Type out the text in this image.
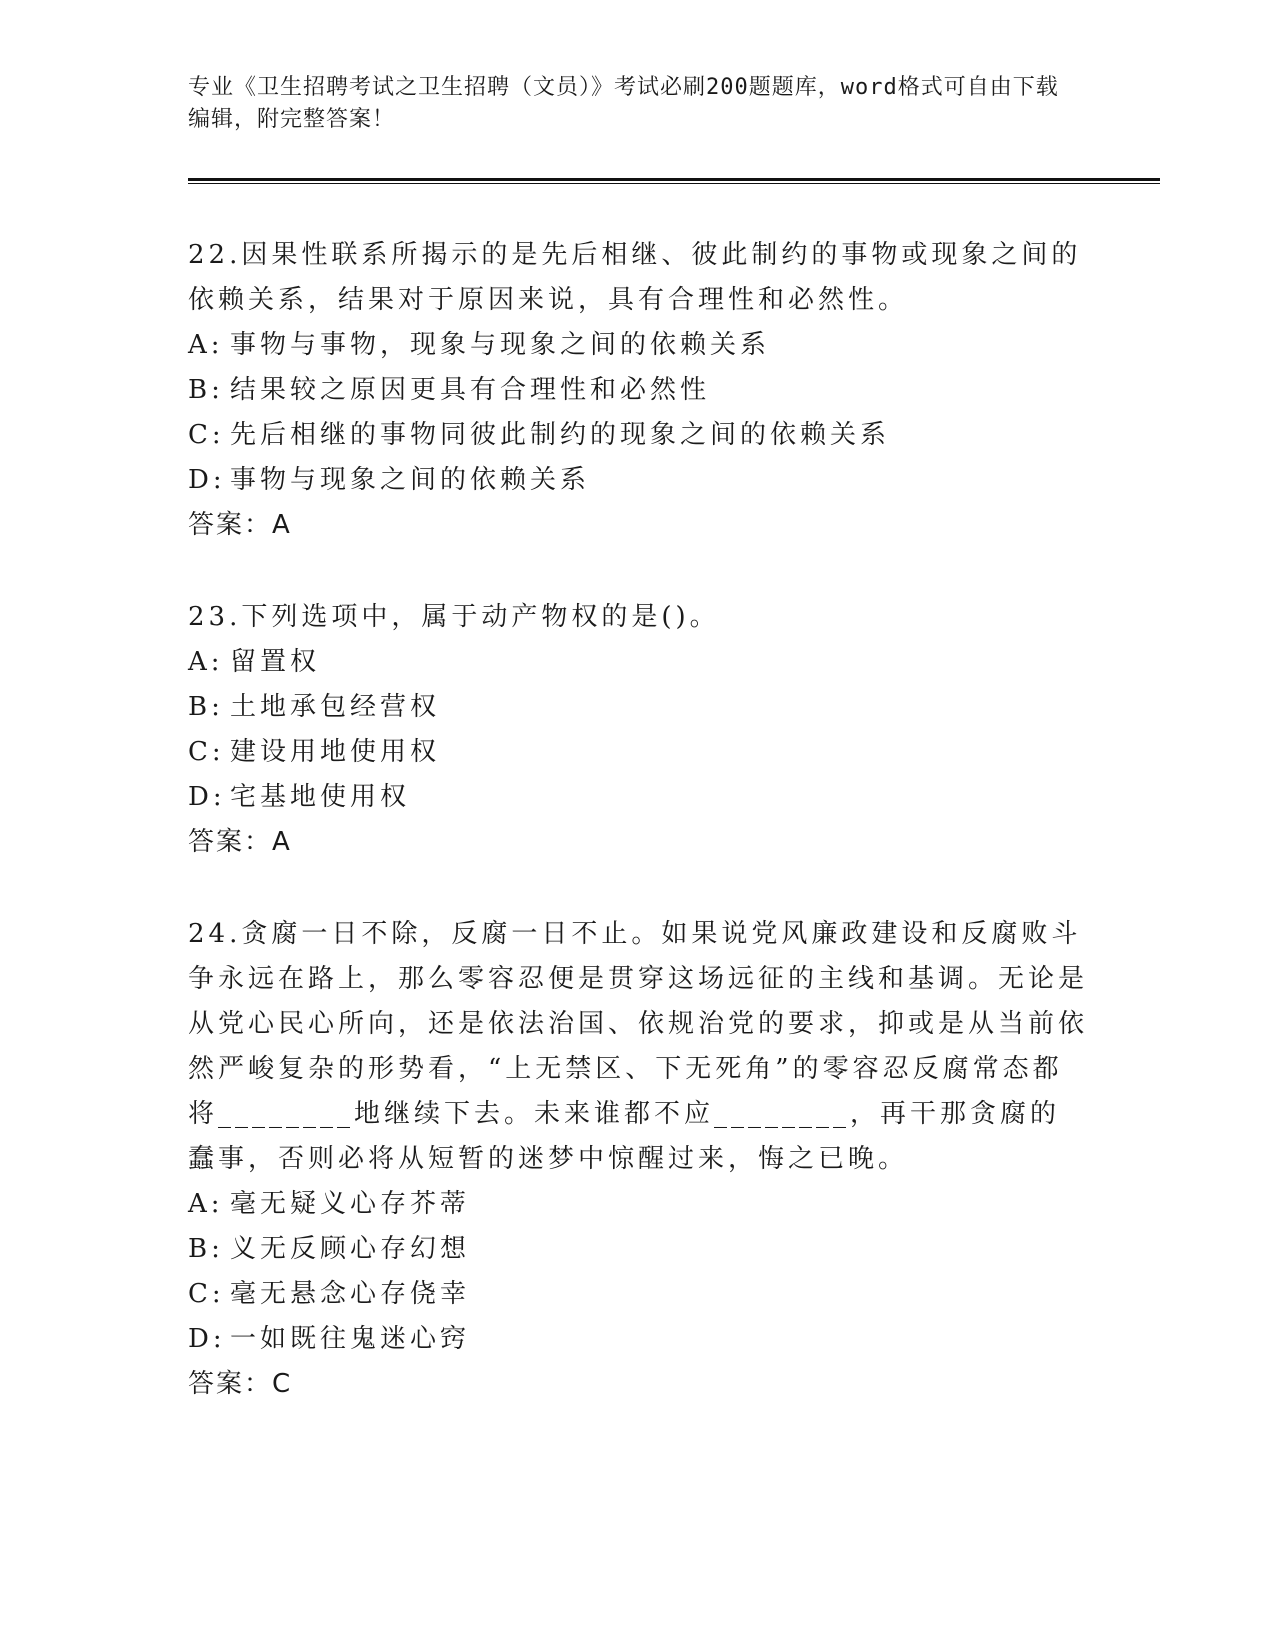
专业《卫生招聘考试之卫生招聘（文员）》考试必刷200题题库，word格式可自由下载编辑，附完整答案！
22.因果性联系所揭示的是先后相继、彼此制约的事物或现象之间的依赖关系，结果对于原因来说，具有合理性和必然性。
A: 事物与事物，现象与现象之间的依赖关系
B: 结果较之原因更具有合理性和必然性
C: 先后相继的事物同彼此制约的现象之间的依赖关系
D: 事物与现象之间的依赖关系
答案：A
23.下列选项中，属于动产物权的是()。
A: 留置权
B: 土地承包经营权
C: 建设用地使用权
D: 宅基地使用权
答案：A
24.贪腐一日不除，反腐一日不止。如果说党风廉政建设和反腐败斗争永远在路上，那么零容忍便是贯穿这场远征的主线和基调。无论是从党心民心所向，还是依法治国、依规治党的要求，抑或是从当前依然严峻复杂的形势看，“上无禁区、下无死角”的零容忍反腐常态都将________地继续下去。未来谁都不应________，再干那贪腐的蠢事，否则必将从短暂的迷梦中惊醒过来，悔之已晚。
A: 毫无疑义心存芥蒂
B: 义无反顾心存幻想
C: 毫无悬念心存侥幸
D: 一如既往鬼迷心窍
答案：C
